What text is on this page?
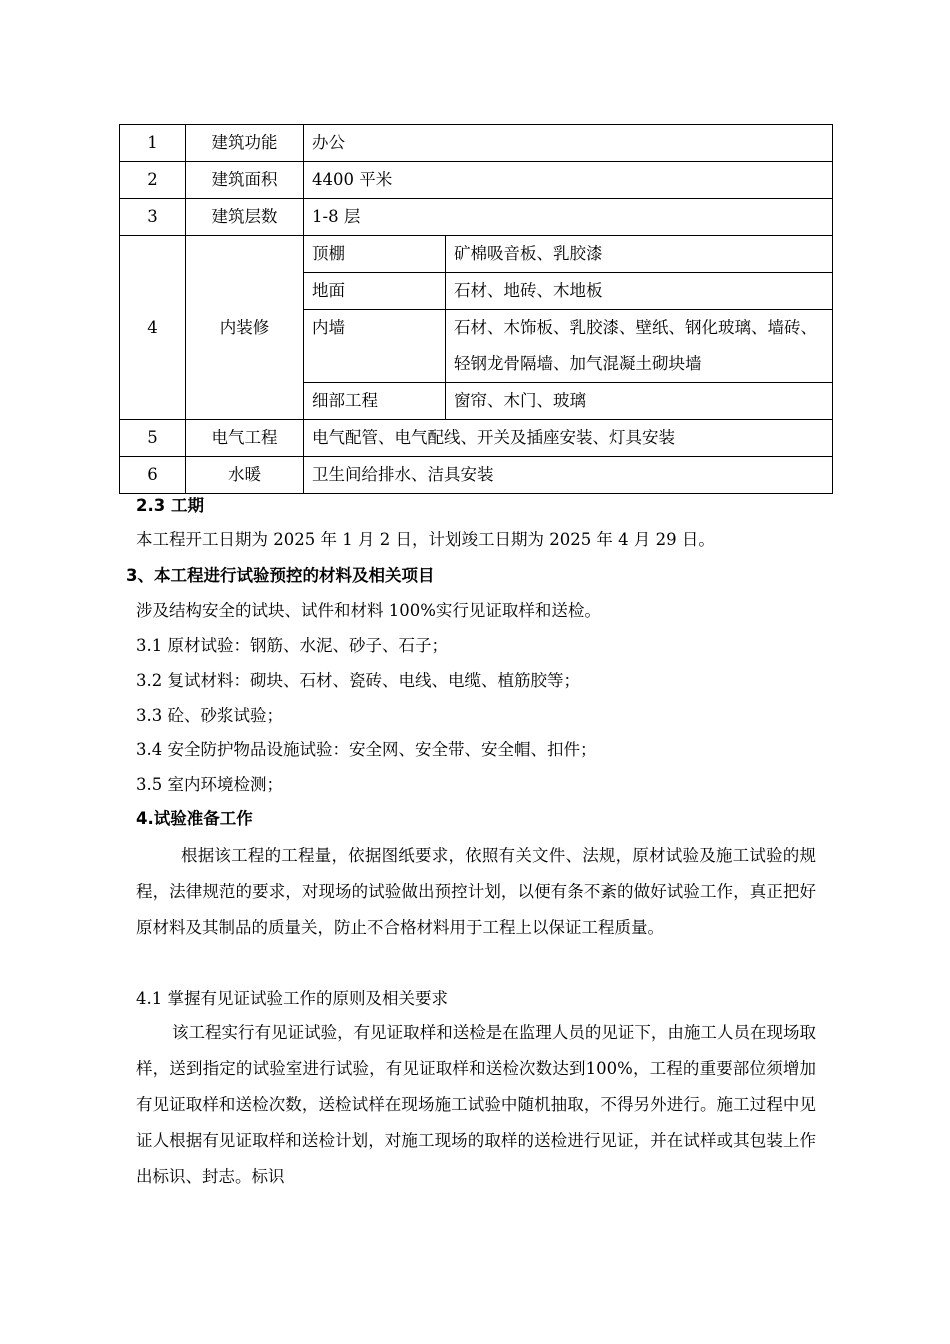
1	建筑功能	办公	
2	建筑面积	4400 平米	
3	建筑层数	1-8 层	
4	内装修	顶棚	矿棉吸音板、乳胶漆
		地面	石材、地砖、木地板
		内墙	石材、木饰板、乳胶漆、壁纸、钢化玻璃、墙砖、轻钢龙骨隔墙、加气混凝土砌块墙
		细部工程	窗帘、木门、玻璃
5	电气工程	电气配管、电气配线、开关及插座安装、灯具安装	
6	水暖	卫生间给排水、洁具安装	
2.3 工期
本工程开工日期为 2025 年 1 月 2 日，计划竣工日期为 2025 年 4 月 29 日。
3、本工程进行试验预控的材料及相关项目
涉及结构安全的试块、试件和材料 100%实行见证取样和送检。
3.1 原材试验：钢筋、水泥、砂子、石子；
3.2 复试材料：砌块、石材、瓷砖、电线、电缆、植筋胶等；
3.3 砼、砂浆试验；
3.4 安全防护物品设施试验：安全网、安全带、安全帽、扣件；
3.5 室内环境检测；
4.试验准备工作
根据该工程的工程量，依据图纸要求，依照有关文件、法规，原材试验及施工试验的规程，法律规范的要求，对现场的试验做出预控计划，以便有条不紊的做好试验工作，真正把好原材料及其制品的质量关，防止不合格材料用于工程上以保证工程质量。
4.1 掌握有见证试验工作的原则及相关要求
该工程实行有见证试验，有见证取样和送检是在监理人员的见证下，由施工人员在现场取样，送到指定的试验室进行试验，有见证取样和送检次数达到100%，工程的重要部位须增加有见证取样和送检次数，送检试样在现场施工试验中随机抽取，不得另外进行。施工过程中见证人根据有见证取样和送检计划，对施工现场的取样的送检进行见证，并在试样或其包装上作出标识、封志。标识
